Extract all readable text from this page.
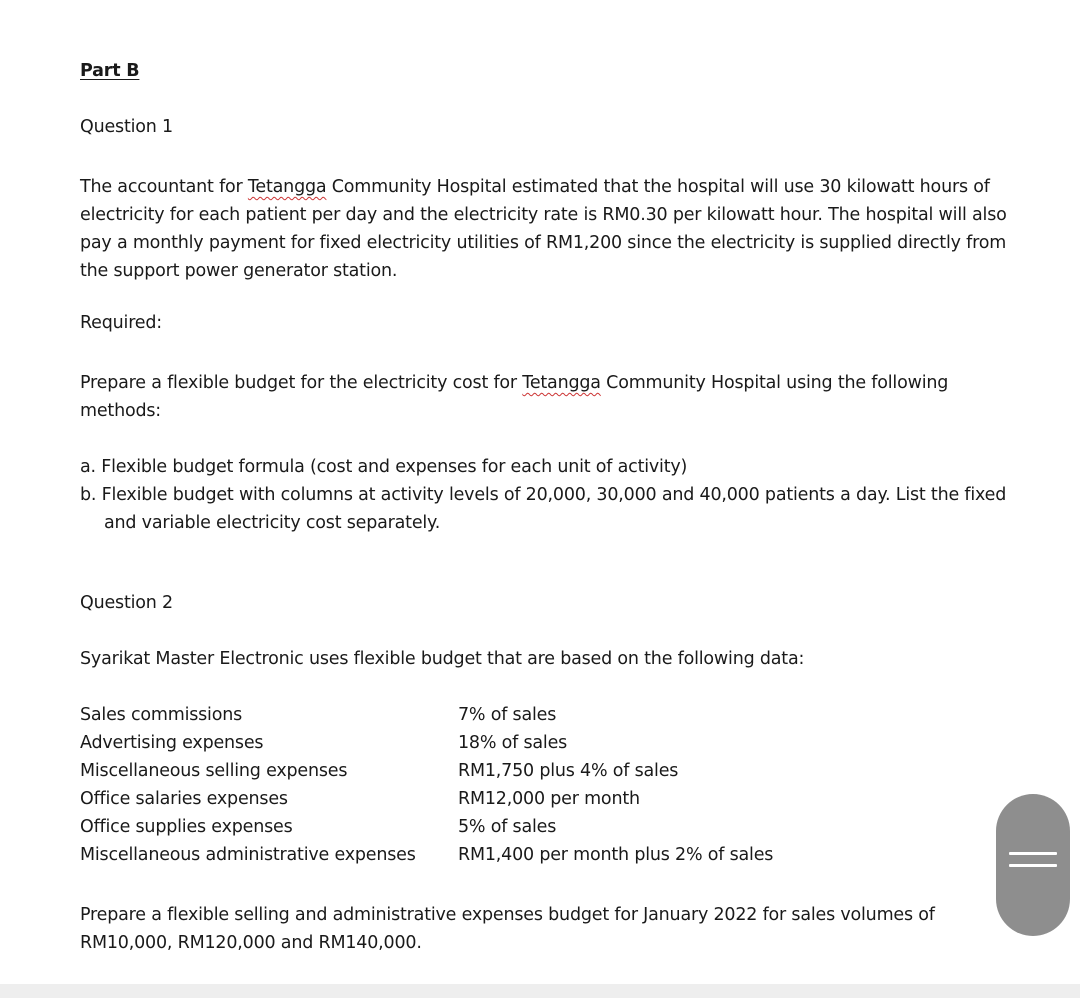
Part B
Question 1
The accountant for Tetangga Community Hospital estimated that the hospital will use 30 kilowatt hours of electricity for each patient per day and the electricity rate is RM0.30 per kilowatt hour. The hospital will also pay a monthly payment for fixed electricity utilities of RM1,200 since the electricity is supplied directly from the support power generator station.
Required:
Prepare a flexible budget for the electricity cost for Tetangga Community Hospital using the following methods:
a. Flexible budget formula (cost and expenses for each unit of activity)
b. Flexible budget with columns at activity levels of 20,000, 30,000 and 40,000 patients a day. List the fixed and variable electricity cost separately.
Question 2
Syarikat Master Electronic uses flexible budget that are based on the following data:
Sales commissions	7% of sales
Advertising expenses	18% of sales
Miscellaneous selling expenses	RM1,750 plus 4% of sales
Office salaries expenses	RM12,000 per month
Office supplies expenses	5% of sales
Miscellaneous administrative expenses RM1,400 per month plus 2% of sales
Prepare a flexible selling and administrative expenses budget for January 2022 for sales volumes of RM10,000, RM120,000 and RM140,000.
